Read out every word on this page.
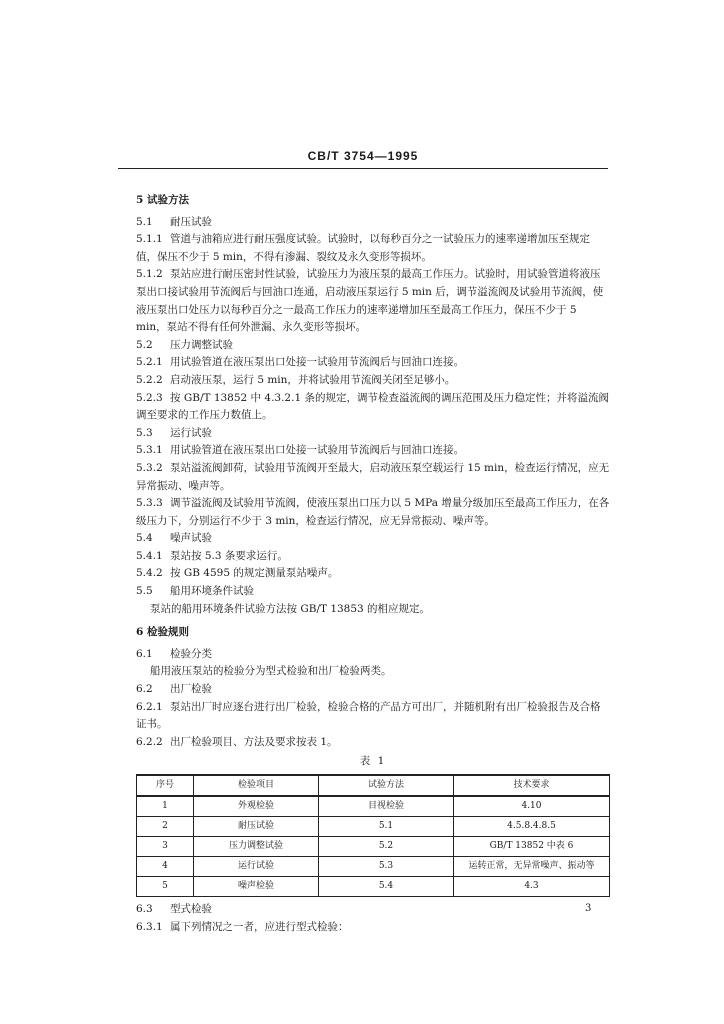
CB/T 3754—1995
5 试验方法
5.1 耐压试验
5.1.1 管道与油箱应进行耐压强度试验。试验时，以每秒百分之一试验压力的速率递增加压至规定值，保压不少于 5 min，不得有渗漏、裂纹及永久变形等损坏。
5.1.2 泵站应进行耐压密封性试验，试验压力为液压泵的最高工作压力。试验时，用试验管道将液压泵出口接试验用节流阀后与回油口连通，启动液压泵运行 5 min 后，调节溢流阀及试验用节流阀，使液压泵出口处压力以每秒百分之一最高工作压力的速率递增加压至最高工作压力，保压不少于 5 min，泵站不得有任何外泄漏、永久变形等损坏。
5.2 压力调整试验
5.2.1 用试验管道在液压泵出口处接一试验用节流阀后与回油口连接。
5.2.2 启动液压泵，运行 5 min，并将试验用节流阀关闭至足够小。
5.2.3 按 GB/T 13852 中 4.3.2.1 条的规定，调节检查溢流阀的调压范围及压力稳定性；并将溢流阀调至要求的工作压力数值上。
5.3 运行试验
5.3.1 用试验管道在液压泵出口处接一试验用节流阀后与回油口连接。
5.3.2 泵站溢流阀卸荷，试验用节流阀开至最大，启动液压泵空载运行 15 min，检查运行情况，应无异常振动、噪声等。
5.3.3 调节溢流阀及试验用节流阀，使液压泵出口压力以 5 MPa 增量分级加压至最高工作压力，在各级压力下，分别运行不少于 3 min，检查运行情况，应无异常振动、噪声等。
5.4 噪声试验
5.4.1 泵站按 5.3 条要求运行。
5.4.2 按 GB 4595 的规定测量泵站噪声。
5.5 船用环境条件试验
泵站的船用环境条件试验方法按 GB/T 13853 的相应规定。
6 检验规则
6.1 检验分类
船用液压泵站的检验分为型式检验和出厂检验两类。
6.2 出厂检验
6.2.1 泵站出厂时应逐台进行出厂检验，检验合格的产品方可出厂，并随机附有出厂检验报告及合格证书。
6.2.2 出厂检验项目、方法及要求按表 1。
表 1
序号	检验项目	试验方法	技术要求
1	外观检验	目视检验	4.10
2	耐压试验	5.1	4.5.8.4.8.5
3	压力调整试验	5.2	GB/T 13852 中表 6
4	运行试验	5.3	运转正常，无异常噪声、振动等
5	噪声检验	5.4	4.3
6.3 型式检验
6.3.1 属下列情况之一者，应进行型式检验：
3
